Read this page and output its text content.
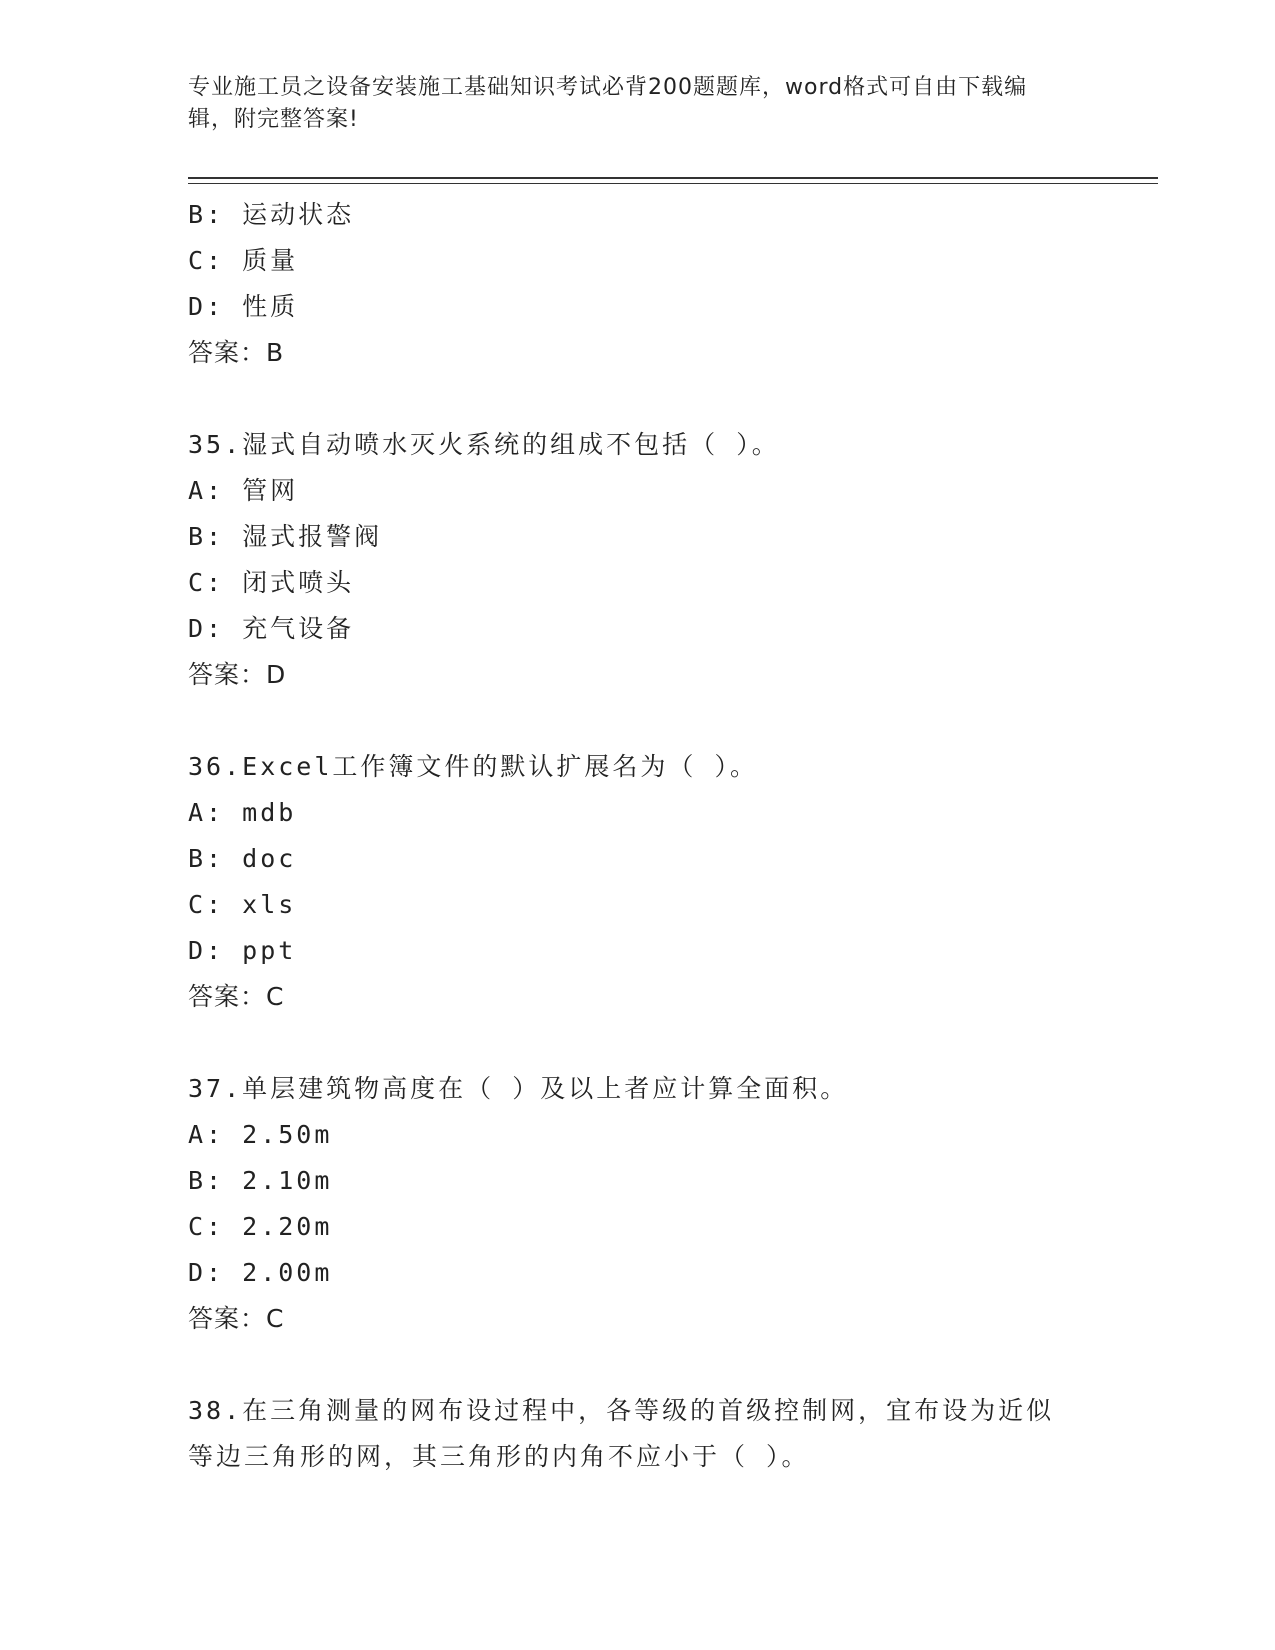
专业施工员之设备安装施工基础知识考试必背200题题库，word格式可自由下载编辑，附完整答案!
B: 运动状态
C: 质量
D: 性质
答案：B
35.湿式自动喷水灭火系统的组成不包括（ ）。
A: 管网
B: 湿式报警阀
C: 闭式喷头
D: 充气设备
答案：D
36.Excel工作簿文件的默认扩展名为（ ）。
A: mdb
B: doc
C: xls
D: ppt
答案：C
37.单层建筑物高度在（ ）及以上者应计算全面积。
A: 2.50m
B: 2.10m
C: 2.20m
D: 2.00m
答案：C
38.在三角测量的网布设过程中，各等级的首级控制网，宜布设为近似
等边三角形的网，其三角形的内角不应小于（ ）。
